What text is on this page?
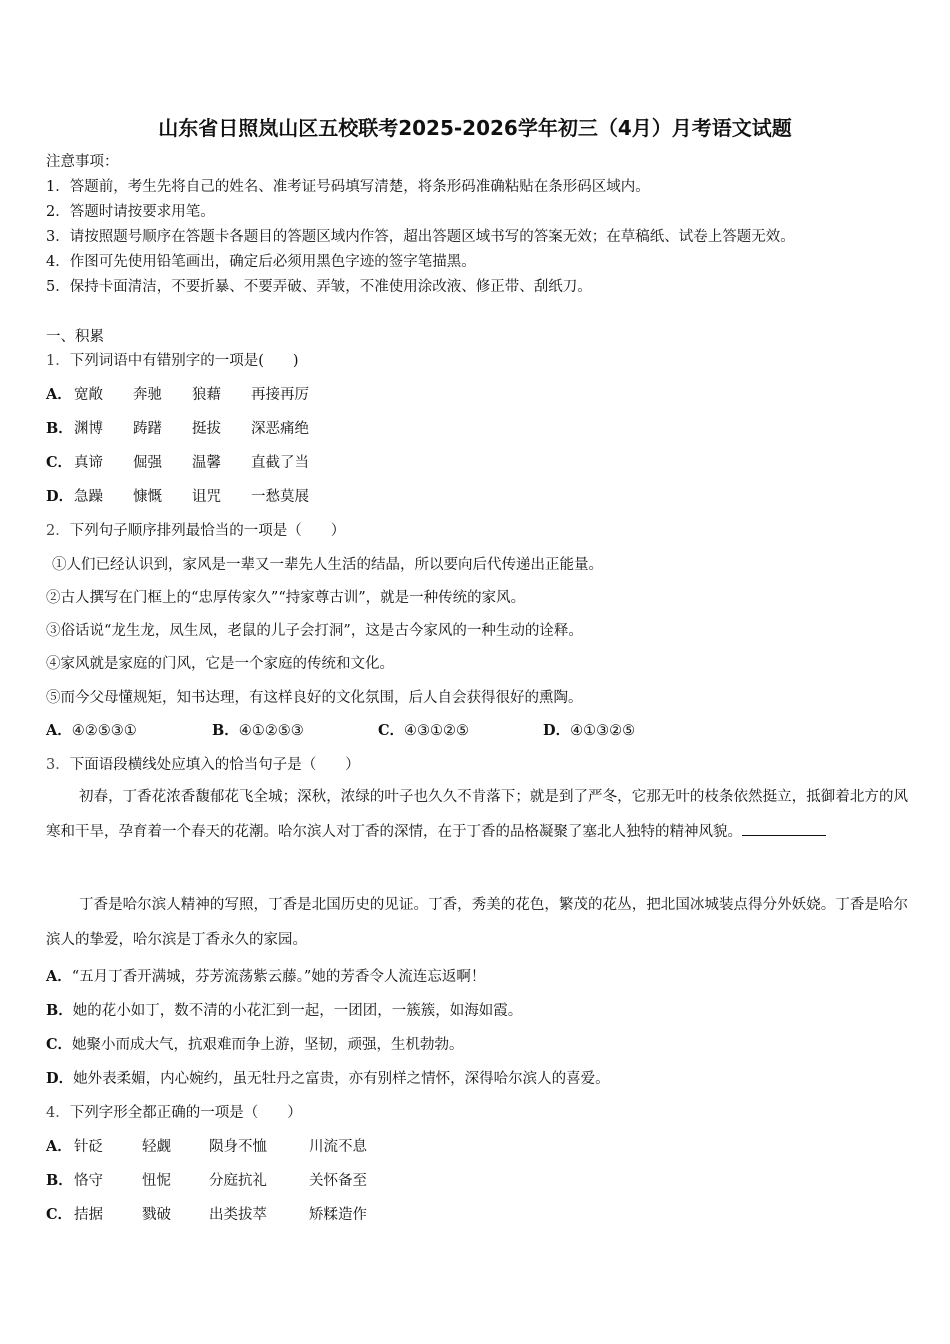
山东省日照岚山区五校联考2025-2026学年初三（4月）月考语文试题
注意事项：
1．答题前，考生先将自己的姓名、准考证号码填写清楚，将条形码准确粘贴在条形码区域内。
2．答题时请按要求用笔。
3．请按照题号顺序在答题卡各题目的答题区域内作答，超出答题区域书写的答案无效；在草稿纸、试卷上答题无效。
4．作图可先使用铅笔画出，确定后必须用黑色字迹的签字笔描黑。
5．保持卡面清洁，不要折暴、不要弄破、弄皱，不准使用涂改液、修正带、刮纸刀。
一、积累
1．下列词语中有错别字的一项是(　　)
A． 宽敞 奔驰 狼藉 再接再厉
B． 渊博 踌躇 挺拔 深恶痛绝
C． 真谛 倔强 温馨 直截了当
D． 急躁 慷慨 诅咒 一愁莫展
2．下列句子顺序排列最恰当的一项是（　　）
①人们已经认识到，家风是一辈又一辈先人生活的结晶，所以要向后代传递出正能量。
②古人撰写在门框上的“忠厚传家久”“持家尊古训”，就是一种传统的家风。
③俗话说“龙生龙，凤生凤，老鼠的儿子会打洞”，这是古今家风的一种生动的诠释。
④家风就是家庭的门风，它是一个家庭的传统和文化。
⑤而今父母懂规矩，知书达理，有这样良好的文化氛围，后人自会获得很好的熏陶。
A．④②⑤③①	B．④①②⑤③	C．④③①②⑤	D．④①③②⑤
3．下面语段横线处应填入的恰当句子是（　　）
初春，丁香花浓香馥郁花飞全城；深秋，浓绿的叶子也久久不肯落下；就是到了严冬，它那无叶的枝条依然挺立，抵御着北方的风寒和干旱，孕育着一个春天的花潮。哈尔滨人对丁香的深情，在于丁香的品格凝聚了塞北人独特的精神风貌。
丁香是哈尔滨人精神的写照，丁香是北国历史的见证。丁香，秀美的花色，繁茂的花丛，把北国冰城装点得分外妖娆。丁香是哈尔滨人的挚爱，哈尔滨是丁香永久的家园。
A．“五月丁香开满城，芬芳流荡紫云藤。”她的芳香令人流连忘返啊！
B．她的花小如丁，数不清的小花汇到一起，一团团，一簇簇，如海如霞。
C．她聚小而成大气，抗艰难而争上游，坚韧，顽强，生机勃勃。
D．她外表柔媚，内心婉约，虽无牡丹之富贵，亦有别样之情怀，深得哈尔滨人的喜爱。
4．下列字形全都正确的一项是（　　）
A． 针砭	轻觑	陨身不恤	川流不息
B． 恪守	忸怩	分庭抗礼	关怀备至
C． 拮据	戮破	出类拔萃	矫糅造作
